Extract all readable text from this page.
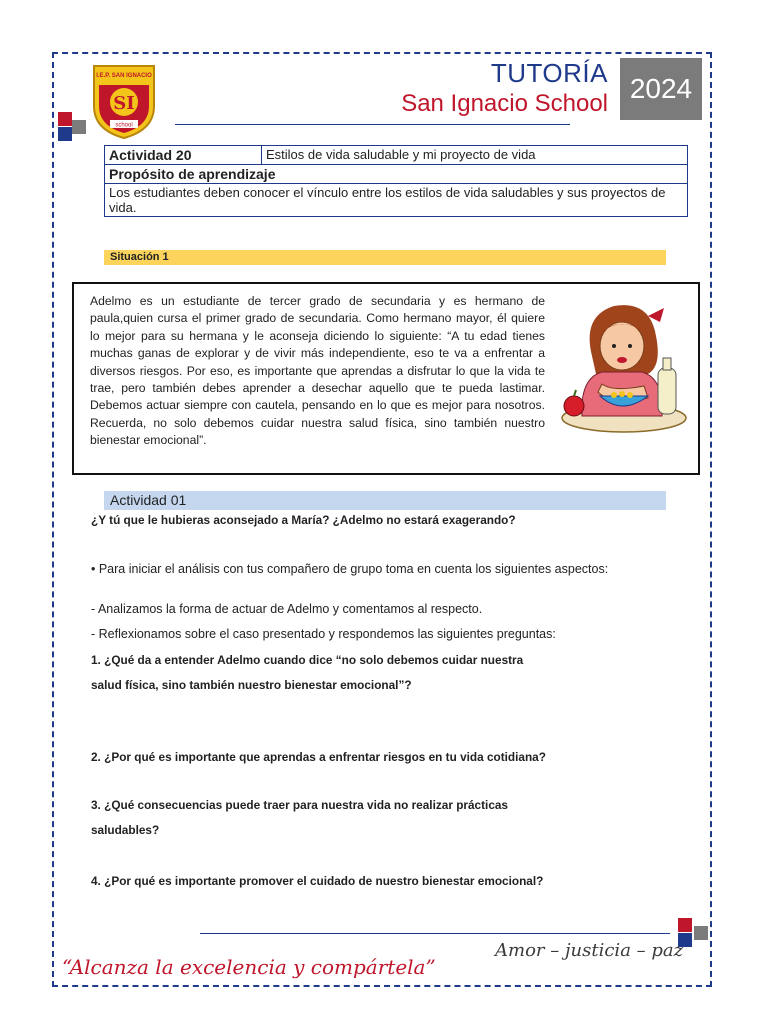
I.E.P. SAN IGNACIO
SI
school
TUTORÍA
San Ignacio School 2024
Actividad 20	Estilos de vida saludable y mi proyecto de vida
Propósito de aprendizaje
Los estudiantes deben conocer el vínculo entre los estilos de vida saludables y sus proyectos de vida.
Situación 1
Adelmo es un estudiante de tercer grado de secundaria y es hermano de paula,quien cursa el primer grado de secundaria. Como hermano mayor, él quiere lo mejor para su hermana y le aconseja diciendo lo siguiente: “A tu edad tienes muchas ganas de explorar y de vivir más independiente, eso te va a enfrentar a diversos riesgos. Por eso, es importante que aprendas a disfrutar lo que la vida te trae, pero también debes aprender a desechar aquello que te pueda lastimar. Debemos actuar siempre con cautela, pensando en lo que es mejor para nosotros. Recuerda, no solo debemos cuidar nuestra salud física, sino también nuestro bienestar emocional”.
Actividad 01
¿Y tú que le hubieras aconsejado a María? ¿Adelmo no estará exagerando?
• Para iniciar el análisis con tus compañero de grupo toma en cuenta los siguientes aspectos:
- Analizamos la forma de actuar de Adelmo y comentamos al respecto.
- Reflexionamos sobre el caso presentado y respondemos las siguientes preguntas:
1. ¿Qué da a entender Adelmo cuando dice “no solo debemos cuidar nuestra
salud física, sino también nuestro bienestar emocional”?
2. ¿Por qué es importante que aprendas a enfrentar riesgos en tu vida cotidiana?
3. ¿Qué consecuencias puede traer para nuestra vida no realizar prácticas
saludables?
4. ¿Por qué es importante promover el cuidado de nuestro bienestar emocional?
Amor – justicia – paz
“Alcanza la excelencia y compártela”
